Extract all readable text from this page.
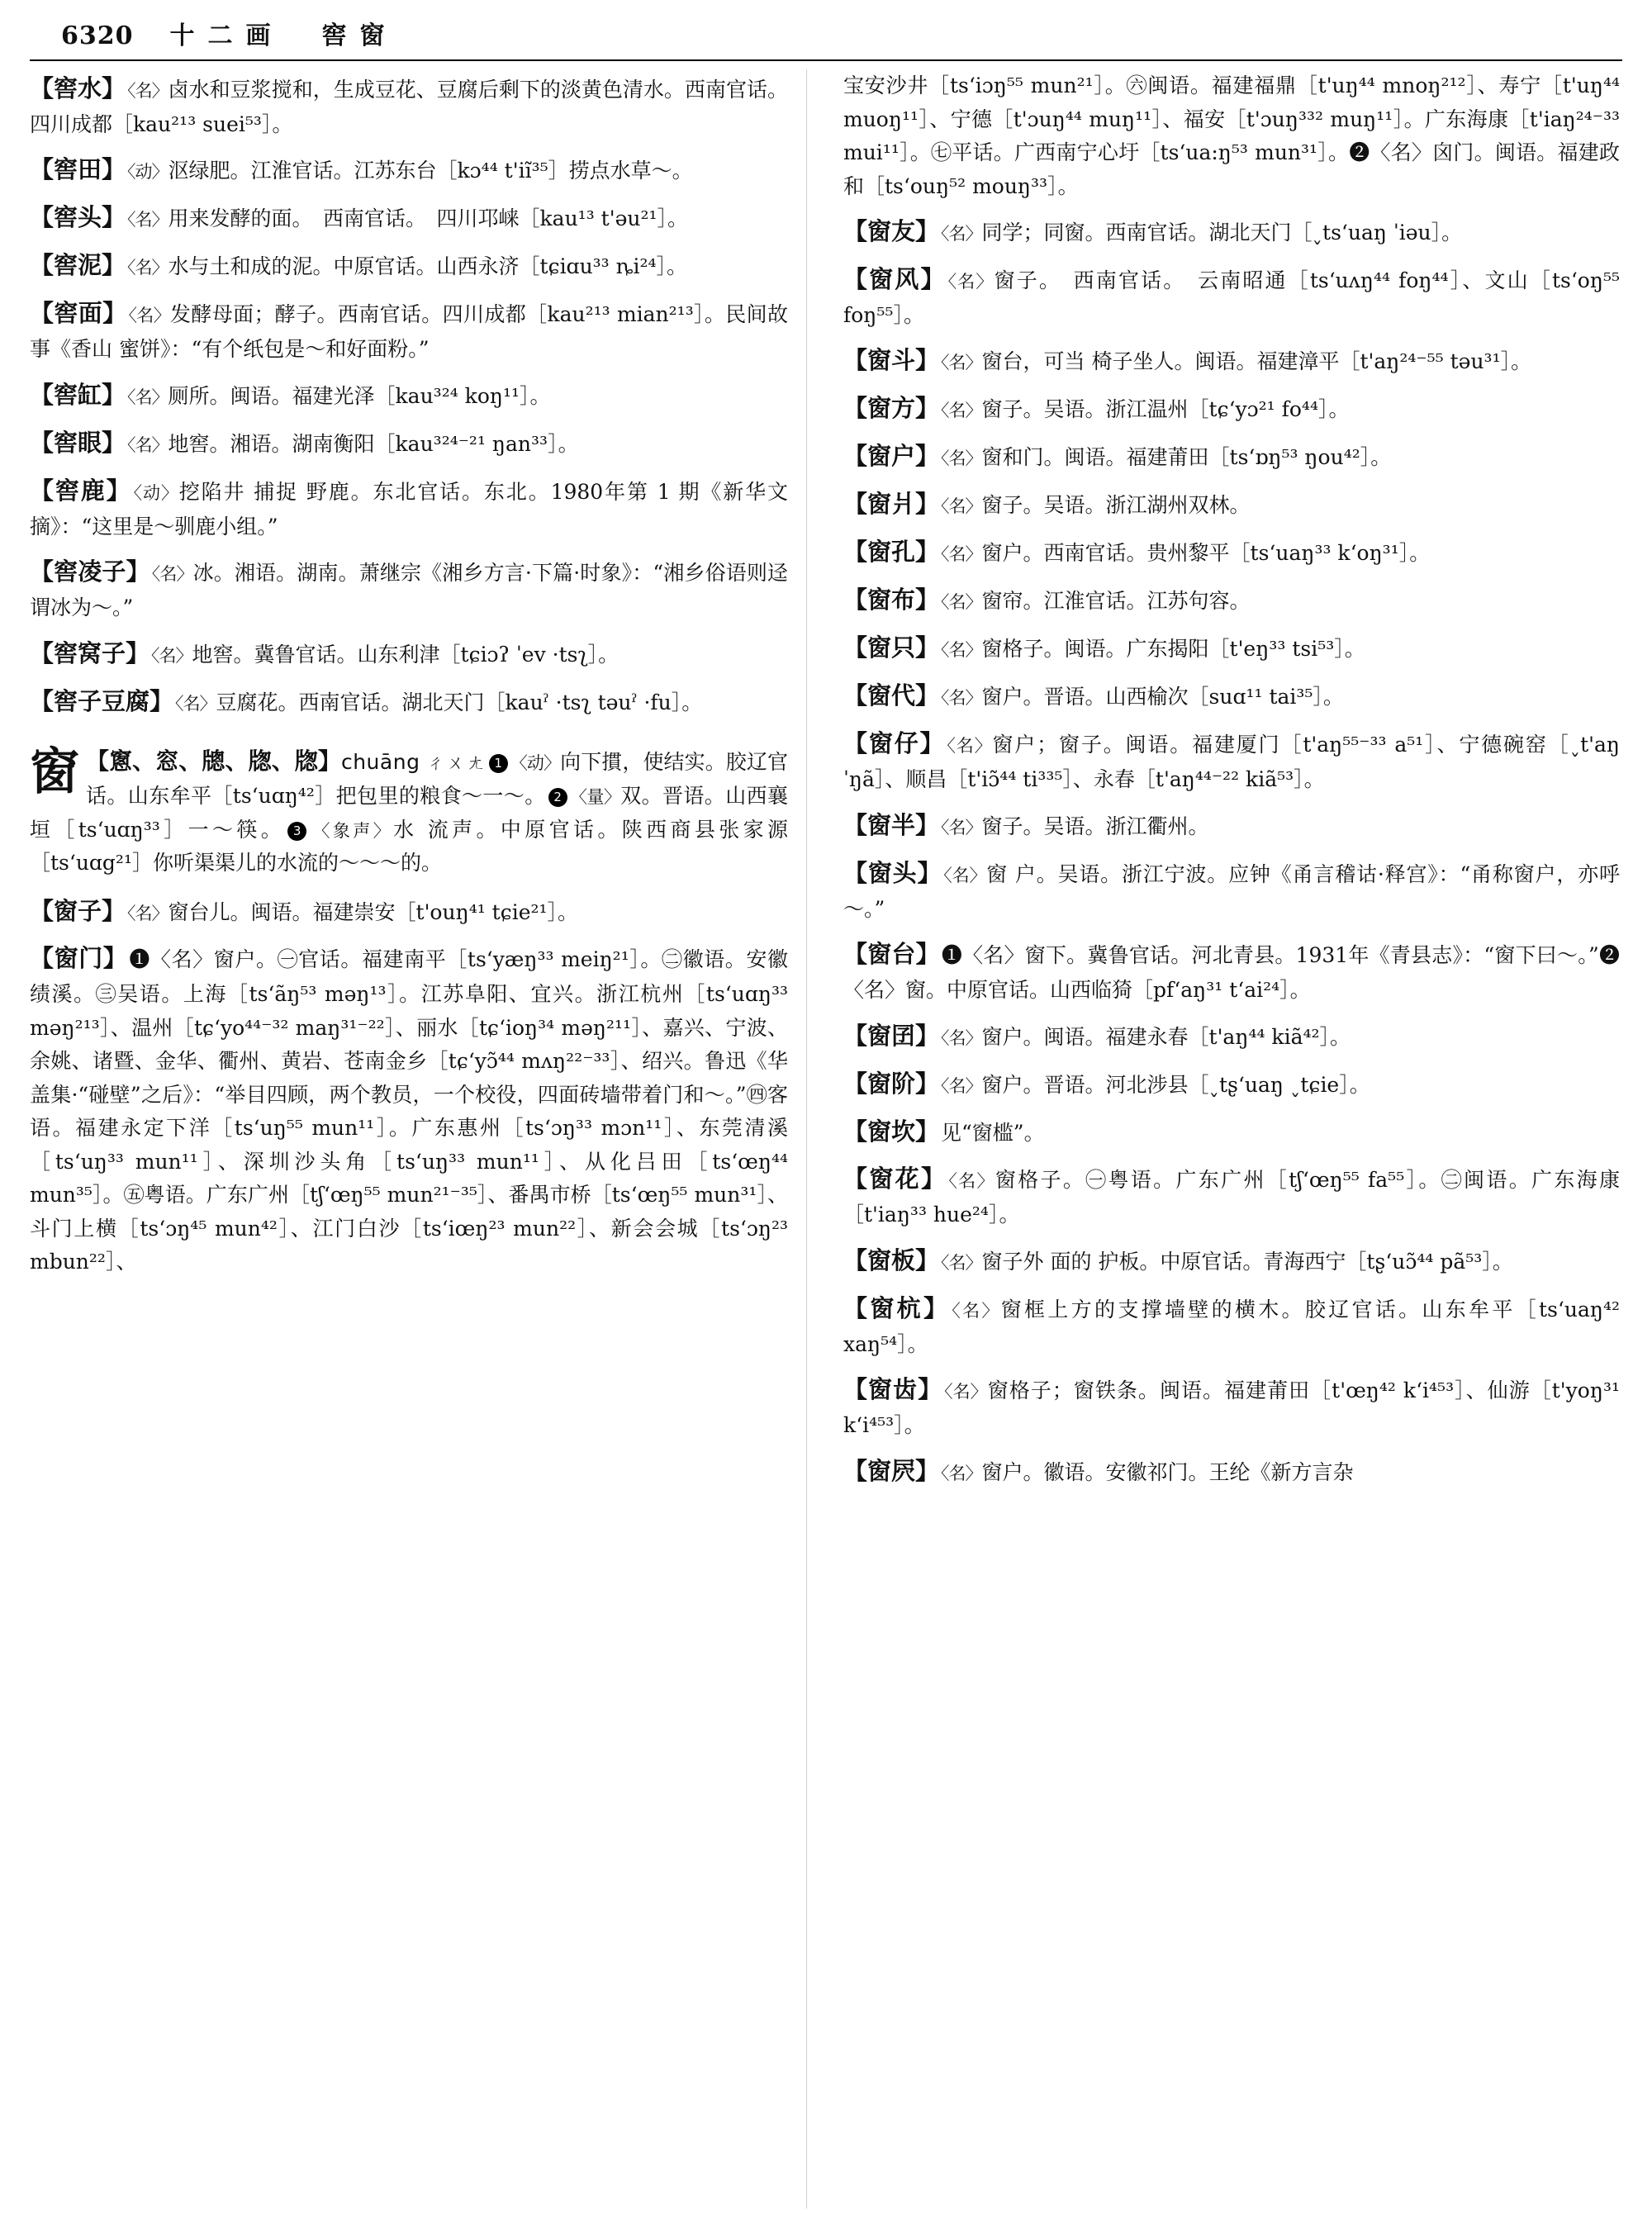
6320 十二画　窖窗
【窖水】〈名〉卤水和豆浆搅和，生成豆花、豆腐后剩下的淡黄色清水。西南官话。四川成都［kau²¹³ suei⁵³］。
【窖田】〈动〉沤绿肥。江淮官话。江苏东台［kɔ⁴⁴ t'iĩ³⁵］捞点水草～。
【窖头】〈名〉用来发酵的面。　西南官话。　四川邛崃［kau¹³ t'əu²¹］。
【窖泥】〈名〉水与土和成的泥。中原官话。山西永济［tɕiɑu³³ ȵi²⁴］。
【窖面】〈名〉发酵母面；酵子。西南官话。四川成都［kau²¹³ mian²¹³］。民间故事《香山 蜜饼》：“有个纸包是～和好面粉。”
【窖缸】〈名〉厕所。闽语。福建光泽［kau³²⁴ koŋ¹¹］。
【窖眼】〈名〉地窖。湘语。湖南衡阳［kau³²⁴⁻²¹ ŋan³³］。
【窖鹿】〈动〉挖陷井 捕捉 野鹿。东北官话。东北。1980年第 1 期《新华文摘》：“这里是～驯鹿小组。”
【窖凌子】〈名〉冰。湘语。湖南。萧继宗《湘乡方言·下篇·时象》：“湘乡俗语则迳谓冰为～。”
【窖窝子】〈名〉地窖。冀鲁官话。山东利津［tɕiɔʔ ˈev ·tsʅ］。
【窖子豆腐】〈名〉豆腐花。西南官话。湖北天门［kauˀ ·tsʅ təuˀ ·fu］。
窗 【窻、窓、牕、牎、牎】chuāng ㄔㄨㄤ 1 〈动〉向下摜，使结实。胶辽官话。山东牟平［tsʻuɑŋ⁴²］把包里的粮食～一～。 2 〈量〉双。晋语。山西襄垣［tsʻuɑŋ³³］一～筷。 3 〈象声〉水 流声。中原官话。陕西商县张家源［tsʻuɑg²¹］你听渠渠儿的水流的～～～的。
【窗子】〈名〉窗台儿。闽语。福建崇安［t'ouŋ⁴¹ tɕie²¹］。
【窗门】❶〈名〉窗户。㊀官话。福建南平［tsʻyæŋ³³ meiŋ²¹］。㊁徽语。安徽绩溪。㊂吴语。上海［tsʻãŋ⁵³ məŋ¹³］。江苏阜阳、宜兴。浙江杭州［tsʻuɑŋ³³ məŋ²¹³］、温州［tɕʻyo⁴⁴⁻³² maŋ³¹⁻²²］、丽水［tɕʻioŋ³⁴ məŋ²¹¹］、嘉兴、宁波、余姚、诸暨、金华、衢州、黄岩、苍南金乡［tɕʻyɔ̃⁴⁴ mʌŋ²²⁻³³］、绍兴。鲁迅《华盖集·“碰壁”之后》：“举目四顾，两个教员，一个校役，四面砖墙带着门和～。”㊃客语。福建永定下洋［tsʻuŋ⁵⁵ mun¹¹］。广东惠州［tsʻɔŋ³³ mɔn¹¹］、东莞清溪［tsʻuŋ³³ mun¹¹］、深圳沙头角［tsʻuŋ³³ mun¹¹］、从化吕田［tsʻœŋ⁴⁴ mun³⁵］。㊄粤语。广东广州［tʃʻœŋ⁵⁵ mun²¹⁻³⁵］、番禺市桥［tsʻœŋ⁵⁵ mun³¹］、斗门上横［tsʻɔŋ⁴⁵ mun⁴²］、江门白沙［tsʻiœŋ²³ mun²²］、新会会城［tsʻɔŋ²³ mbun²²］、
宝安沙井［tsʻiɔŋ⁵⁵ mun²¹］。㊅闽语。福建福鼎［t'uŋ⁴⁴ mnoŋ²¹²］、寿宁［t'uŋ⁴⁴ muoŋ¹¹］、宁德［t'ɔuŋ⁴⁴ muŋ¹¹］、福安［t'ɔuŋ³³² muŋ¹¹］。广东海康［t'iaŋ²⁴⁻³³ mui¹¹］。㊆平话。广西南宁心圩［tsʻua:ŋ⁵³ mun³¹］。❷〈名〉囟门。闽语。福建政和［tsʻouŋ⁵² mouŋ³³］。
【窗友】〈名〉同学；同窗。西南官话。湖北天门［˯tsʻuaŋ ˈiəu］。
【窗风】〈名〉窗子。　西南官话。　云南昭通［tsʻuʌŋ⁴⁴ foŋ⁴⁴］、文山［tsʻoŋ⁵⁵ foŋ⁵⁵］。
【窗斗】〈名〉窗台，可当 椅子坐人。闽语。福建漳平［t'aŋ²⁴⁻⁵⁵ təu³¹］。
【窗方】〈名〉窗子。吴语。浙江温州［tɕʻyɔ²¹ fo⁴⁴］。
【窗户】〈名〉窗和门。闽语。福建莆田［tsʻɒŋ⁵³ ŋou⁴²］。
【窗爿】〈名〉窗子。吴语。浙江湖州双林。
【窗孔】〈名〉窗户。西南官话。贵州黎平［tsʻuaŋ³³ kʻoŋ³¹］。
【窗布】〈名〉窗帘。江淮官话。江苏句容。
【窗只】〈名〉窗格子。闽语。广东揭阳［t'eŋ³³ tsi⁵³］。
【窗代】〈名〉窗户。晋语。山西榆次［suɑ¹¹ tai³⁵］。
【窗仔】〈名〉窗户；窗子。闽语。福建厦门［t'aŋ⁵⁵⁻³³ a⁵¹］、宁德碗窑［˯t'aŋ ˈŋã］、顺昌［t'iɔ̃⁴⁴ ti³³⁵］、永春［t'aŋ⁴⁴⁻²² kiã⁵³］。
【窗半】〈名〉窗子。吴语。浙江衢州。
【窗头】〈名〉窗 户。吴语。浙江宁波。应钟《甬言稽诂·释宫》：“甬称窗户，亦呼～。”
【窗台】❶〈名〉窗下。冀鲁官话。河北青县。1931年《青县志》：“窗下曰～。”❷〈名〉窗。中原官话。山西临猗［pfʻaŋ³¹ tʻai²⁴］。
【窗囝】〈名〉窗户。闽语。福建永春［t'aŋ⁴⁴ kiã⁴²］。
【窗阶】〈名〉窗户。晋语。河北涉县［˯tʂʻuaŋ ˯tɕie］。
【窗坎】见“窗槛”。
【窗花】〈名〉窗格子。㊀粤语。广东广州［tʃʻœŋ⁵⁵ fa⁵⁵］。㊁闽语。广东海康［t'iaŋ³³ hue²⁴］。
【窗板】〈名〉窗子外 面的 护板。中原官话。青海西宁［tʂʻuɔ̃⁴⁴ pã⁵³］。
【窗杭】〈名〉窗框上方的支撑墙壁的横木。胶辽官话。山东牟平［tsʻuaŋ⁴² xaŋ⁵⁴］。
【窗齿】〈名〉窗格子；窗铁条。闽语。福建莆田［t'œŋ⁴² kʻi⁴⁵³］、仙游［t'yoŋ³¹ kʻi⁴⁵³］。
【窗屄】〈名〉窗户。徽语。安徽祁门。王纶《新方言杂
